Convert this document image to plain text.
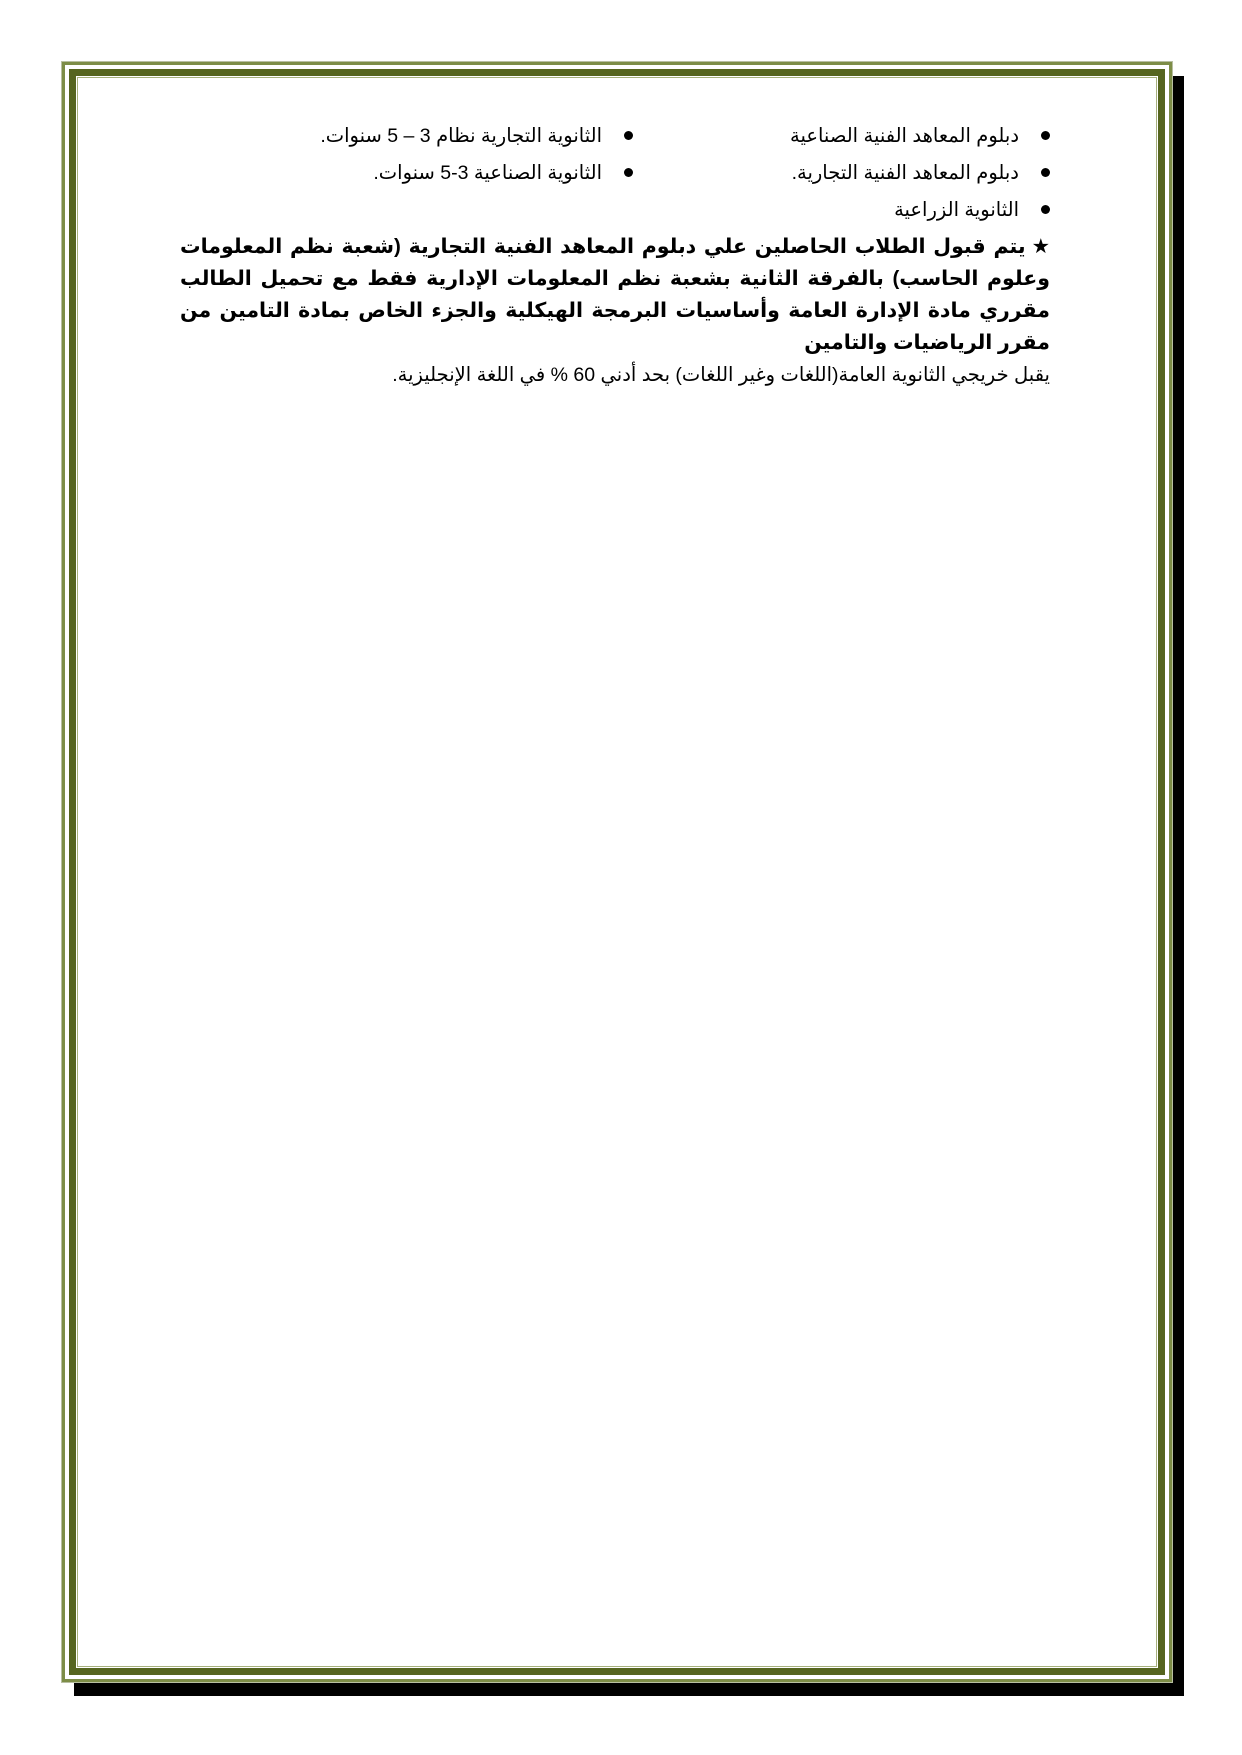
دبلوم المعاهد الفنية الصناعية
الثانوية التجارية نظام 3 – 5 سنوات.
دبلوم المعاهد الفنية التجارية.
الثانوية الصناعية 3-5 سنوات.
الثانوية الزراعية

★يتم قبول الطلاب الحاصلين علي دبلوم المعاهد الفنية التجارية (شعبة نظم المعلومات وعلوم الحاسب) بالفرقة الثانية بشعبة نظم المعلومات الإدارية فقط مع تحميل الطالب مقرري مادة الإدارة العامة وأساسيات البرمجة الهيكلية والجزء الخاص بمادة التامين من مقرر الرياضيات والتامين

يقبل خريجي الثانوية العامة(اللغات وغير اللغات) بحد أدني 60 % في اللغة الإنجليزية.
